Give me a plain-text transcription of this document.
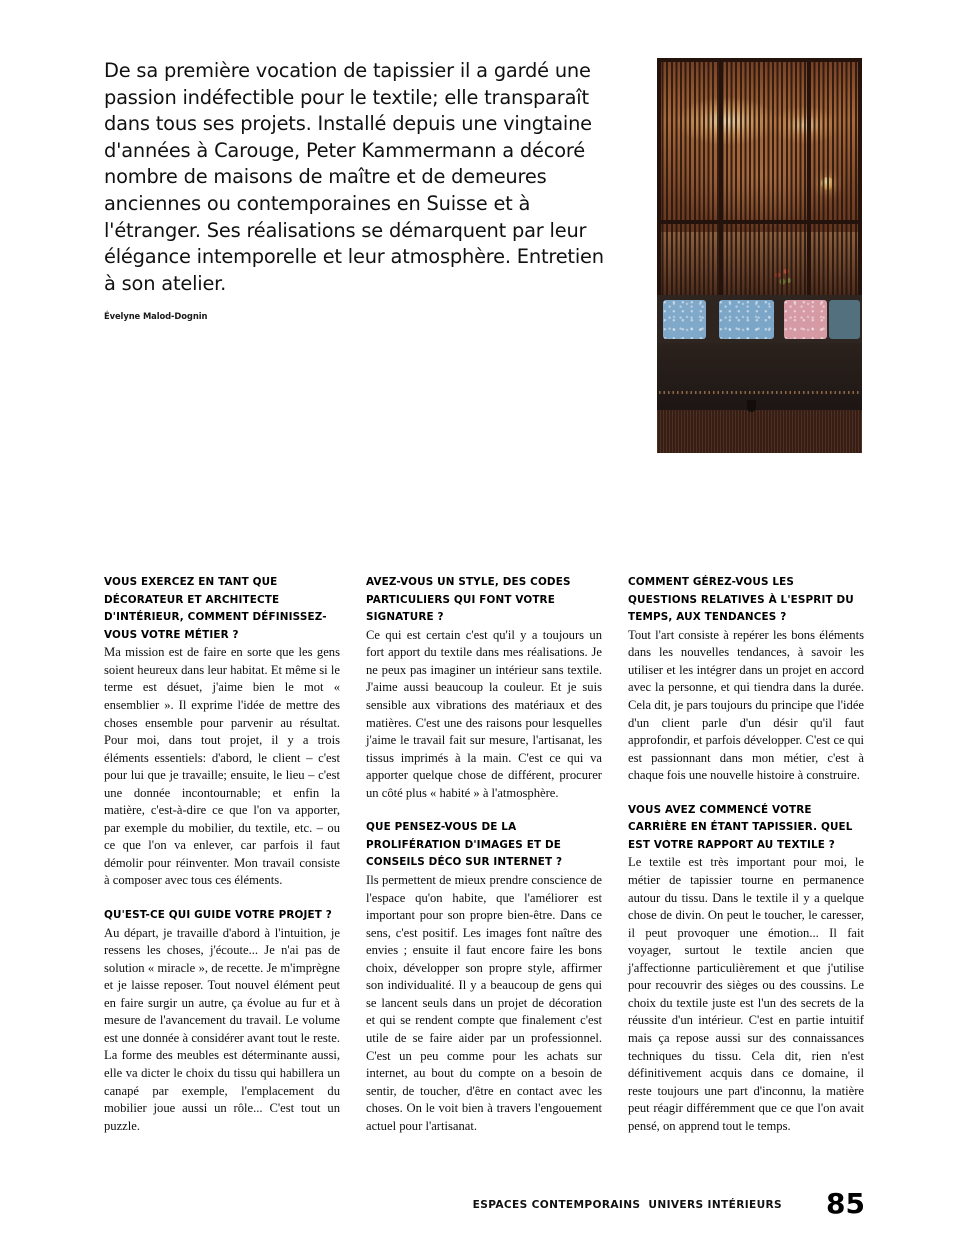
De sa première vocation de tapissier il a gardé une passion indéfectible pour le textile; elle transparaît dans tous ses projets. Installé depuis une vingtaine d'années à Carouge, Peter Kammermann a décoré nombre de maisons de maître et de demeures anciennes ou contemporaines en Suisse et à l'étranger. Ses réalisations se démarquent par leur élégance intemporelle et leur atmosphère. Entretien à son atelier.

Évelyne Malod-Dognin
VOUS EXERCEZ EN TANT QUE DÉCORATEUR ET ARCHITECTE D'INTÉRIEUR, COMMENT DÉFINISSEZ-VOUS VOTRE MÉTIER ?

Ma mission est de faire en sorte que les gens soient heureux dans leur habitat. Et même si le terme est désuet, j'aime bien le mot « ensemblier ». Il exprime l'idée de mettre des choses ensemble pour parvenir au résultat. Pour moi, dans tout projet, il y a trois éléments essentiels: d'abord, le client – c'est pour lui que je travaille; ensuite, le lieu – c'est une donnée incontournable; et enfin la matière, c'est-à-dire ce que l'on va apporter, par exemple du mobilier, du textile, etc. – ou ce que l'on va enlever, car parfois il faut démolir pour réinventer. Mon travail consiste à composer avec tous ces éléments.

QU'EST-CE QUI GUIDE VOTRE PROJET ?

Au départ, je travaille d'abord à l'intuition, je ressens les choses, j'écoute... Je n'ai pas de solution « miracle », de recette. Je m'imprègne et je laisse reposer. Tout nouvel élément peut en faire surgir un autre, ça évolue au fur et à mesure de l'avancement du travail. Le volume est une donnée à considérer avant tout le reste. La forme des meubles est déterminante aussi, elle va dicter le choix du tissu qui habillera un canapé par exemple, l'emplacement du mobilier joue aussi un rôle... C'est tout un puzzle.

AVEZ-VOUS UN STYLE, DES CODES PARTICULIERS QUI FONT VOTRE SIGNATURE ?

Ce qui est certain c'est qu'il y a toujours un fort apport du textile dans mes réalisations. Je ne peux pas imaginer un intérieur sans textile. J'aime aussi beaucoup la couleur. Et je suis sensible aux vibrations des matériaux et des matières. C'est une des raisons pour lesquelles j'aime le travail fait sur mesure, l'artisanat, les tissus imprimés à la main. C'est ce qui va apporter quelque chose de différent, procurer un côté plus « habité » à l'atmosphère.

QUE PENSEZ-VOUS DE LA PROLIFÉRATION D'IMAGES ET DE CONSEILS DÉCO SUR INTERNET ?

Ils permettent de mieux prendre conscience de l'espace qu'on habite, que l'améliorer est important pour son propre bien-être. Dans ce sens, c'est positif. Les images font naître des envies ; ensuite il faut encore faire les bons choix, développer son propre style, affirmer son individualité. Il y a beaucoup de gens qui se lancent seuls dans un projet de décoration et qui se rendent compte que finalement c'est utile de se faire aider par un professionnel. C'est un peu comme pour les achats sur internet, au bout du compte on a besoin de sentir, de toucher, d'être en contact avec les choses. On le voit bien à travers l'engouement actuel pour l'artisanat.

COMMENT GÉREZ-VOUS LES QUESTIONS RELATIVES À L'ESPRIT DU TEMPS, AUX TENDANCES ?

Tout l'art consiste à repérer les bons éléments dans les nouvelles tendances, à savoir les utiliser et les intégrer dans un projet en accord avec la personne, et qui tiendra dans la durée. Cela dit, je pars toujours du principe que l'idée d'un client parle d'un désir qu'il faut approfondir, et parfois développer. C'est ce qui est passionnant dans mon métier, c'est à chaque fois une nouvelle histoire à construire.

VOUS AVEZ COMMENCÉ VOTRE CARRIÈRE EN ÉTANT TAPISSIER. QUEL EST VOTRE RAPPORT AU TEXTILE ?

Le textile est très important pour moi, le métier de tapissier tourne en permanence autour du tissu. Dans le textile il y a quelque chose de divin. On peut le toucher, le caresser, il peut provoquer une émotion... Il fait voyager, surtout le textile ancien que j'affectionne particulièrement et que j'utilise pour recouvrir des sièges ou des coussins. Le choix du textile juste est l'un des secrets de la réussite d'un intérieur. C'est en partie intuitif mais ça repose aussi sur des connaissances techniques du tissu. Cela dit, rien n'est définitivement acquis dans ce domaine, il reste toujours une part d'inconnu, la matière peut réagir différemment que ce que l'on avait pensé, on apprend tout le temps.

ESPACES CONTEMPORAINS UNIVERS INTÉRIEURS 85
